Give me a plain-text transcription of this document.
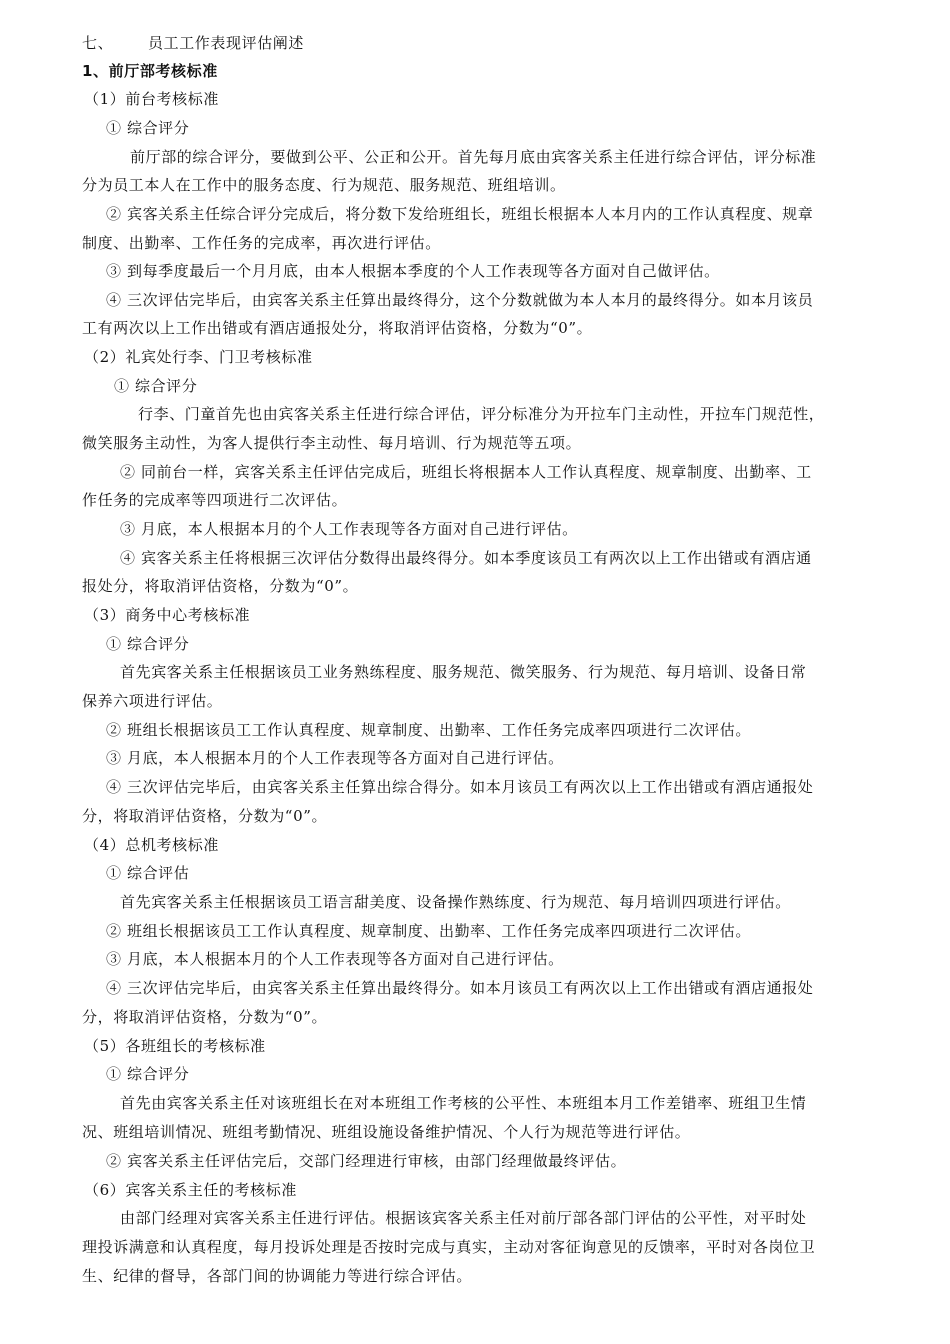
七、 员工工作表现评估阐述
1、前厅部考核标准
（1）前台考核标准
① 综合评分
前厅部的综合评分，要做到公平、公正和公开。首先每月底由宾客关系主任进行综合评估，评分标准
分为员工本人在工作中的服务态度、行为规范、服务规范、班组培训。
② 宾客关系主任综合评分完成后，将分数下发给班组长，班组长根据本人本月内的工作认真程度、规章
制度、出勤率、工作任务的完成率，再次进行评估。
③ 到每季度最后一个月月底，由本人根据本季度的个人工作表现等各方面对自己做评估。
④ 三次评估完毕后，由宾客关系主任算出最终得分，这个分数就做为本人本月的最终得分。如本月该员
工有两次以上工作出错或有酒店通报处分，将取消评估资格，分数为“0”。
（2）礼宾处行李、门卫考核标准
① 综合评分
行李、门童首先也由宾客关系主任进行综合评估，评分标准分为开拉车门主动性，开拉车门规范性，
微笑服务主动性，为客人提供行李主动性、每月培训、行为规范等五项。
② 同前台一样，宾客关系主任评估完成后，班组长将根据本人工作认真程度、规章制度、出勤率、工
作任务的完成率等四项进行二次评估。
③ 月底，本人根据本月的个人工作表现等各方面对自己进行评估。
④ 宾客关系主任将根据三次评估分数得出最终得分。如本季度该员工有两次以上工作出错或有酒店通
报处分，将取消评估资格，分数为“0”。
（3）商务中心考核标准
① 综合评分
首先宾客关系主任根据该员工业务熟练程度、服务规范、微笑服务、行为规范、每月培训、设备日常
保养六项进行评估。
② 班组长根据该员工工作认真程度、规章制度、出勤率、工作任务完成率四项进行二次评估。
③ 月底，本人根据本月的个人工作表现等各方面对自己进行评估。
④ 三次评估完毕后，由宾客关系主任算出综合得分。如本月该员工有两次以上工作出错或有酒店通报处
分，将取消评估资格，分数为“0”。
（4）总机考核标准
① 综合评估
首先宾客关系主任根据该员工语言甜美度、设备操作熟练度、行为规范、每月培训四项进行评估。
② 班组长根据该员工工作认真程度、规章制度、出勤率、工作任务完成率四项进行二次评估。
③ 月底，本人根据本月的个人工作表现等各方面对自己进行评估。
④ 三次评估完毕后，由宾客关系主任算出最终得分。如本月该员工有两次以上工作出错或有酒店通报处
分，将取消评估资格，分数为“0”。
（5）各班组长的考核标准
① 综合评分
首先由宾客关系主任对该班组长在对本班组工作考核的公平性、本班组本月工作差错率、班组卫生情
况、班组培训情况、班组考勤情况、班组设施设备维护情况、个人行为规范等进行评估。
② 宾客关系主任评估完后，交部门经理进行审核，由部门经理做最终评估。
（6）宾客关系主任的考核标准
由部门经理对宾客关系主任进行评估。根据该宾客关系主任对前厅部各部门评估的公平性，对平时处
理投诉满意和认真程度，每月投诉处理是否按时完成与真实，主动对客征询意见的反馈率，平时对各岗位卫
生、纪律的督导，各部门间的协调能力等进行综合评估。
